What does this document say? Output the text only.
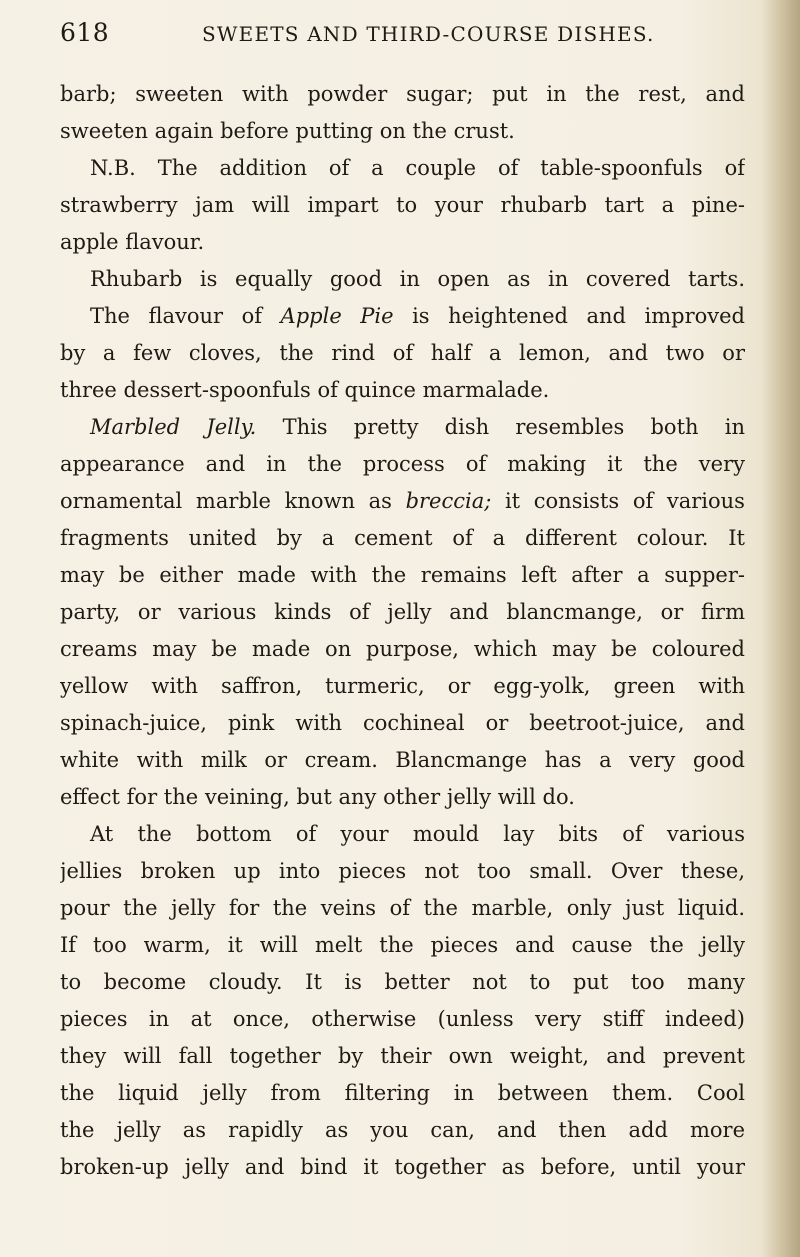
618	SWEETS AND THIRD-COURSE DISHES.
barb; sweeten with powder sugar; put in the rest, and
sweeten again before putting on the crust.
N.B. The addition of a couple of table-spoonfuls of
strawberry jam will impart to your rhubarb tart a pine-
apple flavour.
Rhubarb is equally good in open as in covered tarts.
The flavour of Apple Pie is heightened and improved
by a few cloves, the rind of half a lemon, and two or
three dessert-spoonfuls of quince marmalade.
Marbled Jelly. This pretty dish resembles both in
appearance and in the process of making it the very
ornamental marble known as breccia; it consists of various
fragments united by a cement of a different colour. It
may be either made with the remains left after a supper-
party, or various kinds of jelly and blancmange, or firm
creams may be made on purpose, which may be coloured
yellow with saffron, turmeric, or egg-yolk, green with
spinach-juice, pink with cochineal or beetroot-juice, and
white with milk or cream. Blancmange has a very good
effect for the veining, but any other jelly will do.
At the bottom of your mould lay bits of various
jellies broken up into pieces not too small. Over these,
pour the jelly for the veins of the marble, only just liquid.
If too warm, it will melt the pieces and cause the jelly
to become cloudy. It is better not to put too many
pieces in at once, otherwise (unless very stiff indeed)
they will fall together by their own weight, and prevent
the liquid jelly from filtering in between them. Cool
the jelly as rapidly as you can, and then add more
broken-up jelly and bind it together as before, until your
